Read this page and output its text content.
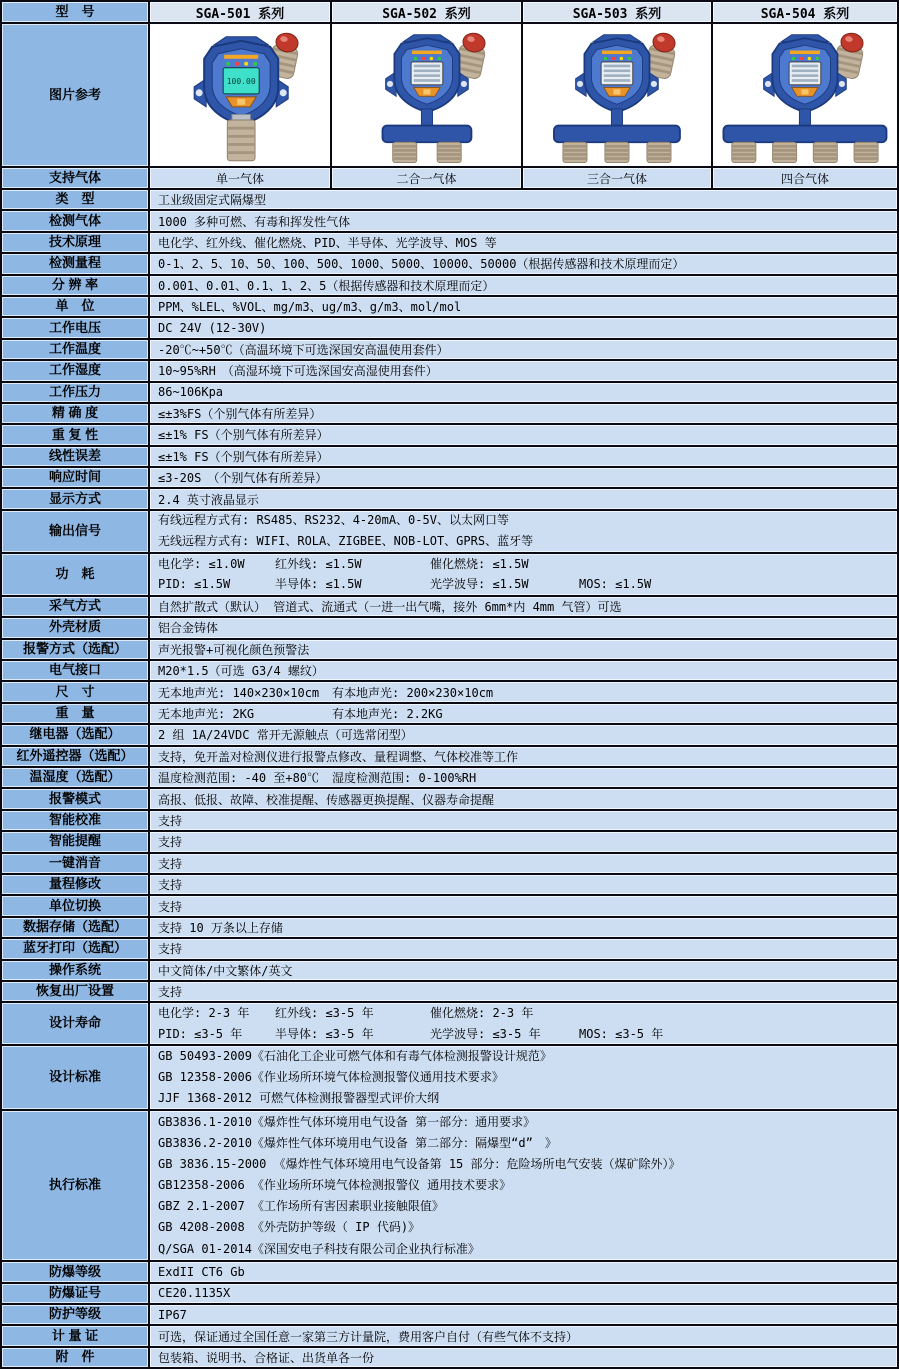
型　号	SGA-501 系列	SGA-502 系列	SGA-503 系列	SGA-504 系列
图片参考
100.00
支持气体	单一气体	二合一气体	三合一气体	四合气体
类　型	工业级固定式隔爆型
检测气体	1000 多种可燃、有毒和挥发性气体
技术原理	电化学、红外线、催化燃烧、PID、半导体、光学波导、MOS 等
检测量程	0-1、2、5、10、50、100、500、1000、5000、10000、50000（根据传感器和技术原理而定）
分 辨 率	0.001、0.01、0.1、1、2、5（根据传感器和技术原理而定）
单　位	PPM、%LEL、%VOL、mg/m3、ug/m3、g/m3、mol/mol
工作电压	DC 24V (12-30V)
工作温度	-20℃~+50℃（高温环境下可选深国安高温使用套件）
工作湿度	10~95%RH　（高湿环境下可选深国安高湿使用套件）
工作压力	86~106Kpa
精 确 度	≤±3%FS（个别气体有所差异）
重 复 性	≤±1% FS（个别气体有所差异）
线性误差	≤±1% FS（个别气体有所差异）
响应时间	≤3-20S　（个别气体有所差异）
显示方式	2.4 英寸液晶显示
输出信号
有线远程方式有: RS485、RS232、4-20mA、0-5V、以太网口等
无线远程方式有: WIFI、ROLA、ZIGBEE、NOB-LOT、GPRS、蓝牙等
功　耗
电化学: ≤1.0W	红外线: ≤1.5W	催化燃烧: ≤1.5W
PID: ≤1.5W	半导体: ≤1.5W	光学波导: ≤1.5W	MOS: ≤1.5W
采气方式	自然扩散式（默认） 管道式、流通式（一进一出气嘴，接外 6mm*内 4mm 气管）可选
外壳材质	铝合金铸体
报警方式（选配）	声光报警+可视化颜色预警法
电气接口	M20*1.5（可选 G3/4 螺纹）
尺　寸	无本地声光: 140×230×10cm	有本地声光: 200×230×10cm
重　量	无本地声光: 2KG	有本地声光: 2.2KG
继电器（选配）	2 组 1A/24VDC 常开无源触点（可选常闭型）
红外遥控器（选配）	支持，免开盖对检测仪进行报警点修改、量程调整、气体校准等工作
温湿度（选配）	温度检测范围: -40 至+80℃	湿度检测范围: 0-100%RH
报警模式	高报、低报、故障、校准提醒、传感器更换提醒、仪器寿命提醒
智能校准	支持
智能提醒	支持
一键消音	支持
量程修改	支持
单位切换	支持
数据存储（选配）	支持 10 万条以上存储
蓝牙打印（选配）	支持
操作系统	中文简体/中文繁体/英文
恢复出厂设置	支持
设计寿命
电化学: 2-3 年	红外线: ≤3-5 年	催化燃烧: 2-3 年
PID: ≤3-5 年	半导体: ≤3-5 年	光学波导: ≤3-5 年	MOS: ≤3-5 年
设计标准
GB 50493-2009《石油化工企业可燃气体和有毒气体检测报警设计规范》
GB 12358-2006《作业场所环境气体检测报警仪通用技术要求》
JJF 1368-2012 可燃气体检测报警器型式评价大纲
执行标准
GB3836.1-2010《爆炸性气体环境用电气设备 第一部分：通用要求》
GB3836.2-2010《爆炸性气体环境用电气设备 第二部分：隔爆型“d”　》
GB 3836.15-2000 《爆炸性气体环境用电气设备第 15 部分：危险场所电气安装（煤矿除外）》
GB12358-2006 《作业场所环境气体检测报警仪 通用技术要求》
GBZ 2.1-2007 《工作场所有害因素职业接触限值》
GB 4208-2008 《外壳防护等级（ IP 代码)》
Q/SGA 01-2014《深国安电子科技有限公司企业执行标准》
防爆等级	ExdII CT6 Gb
防爆证号	CE20.1135X
防护等级	IP67
计 量 证	可选，保证通过全国任意一家第三方计量院，费用客户自付（有些气体不支持）
附　件	包装箱、说明书、合格证、出货单各一份
